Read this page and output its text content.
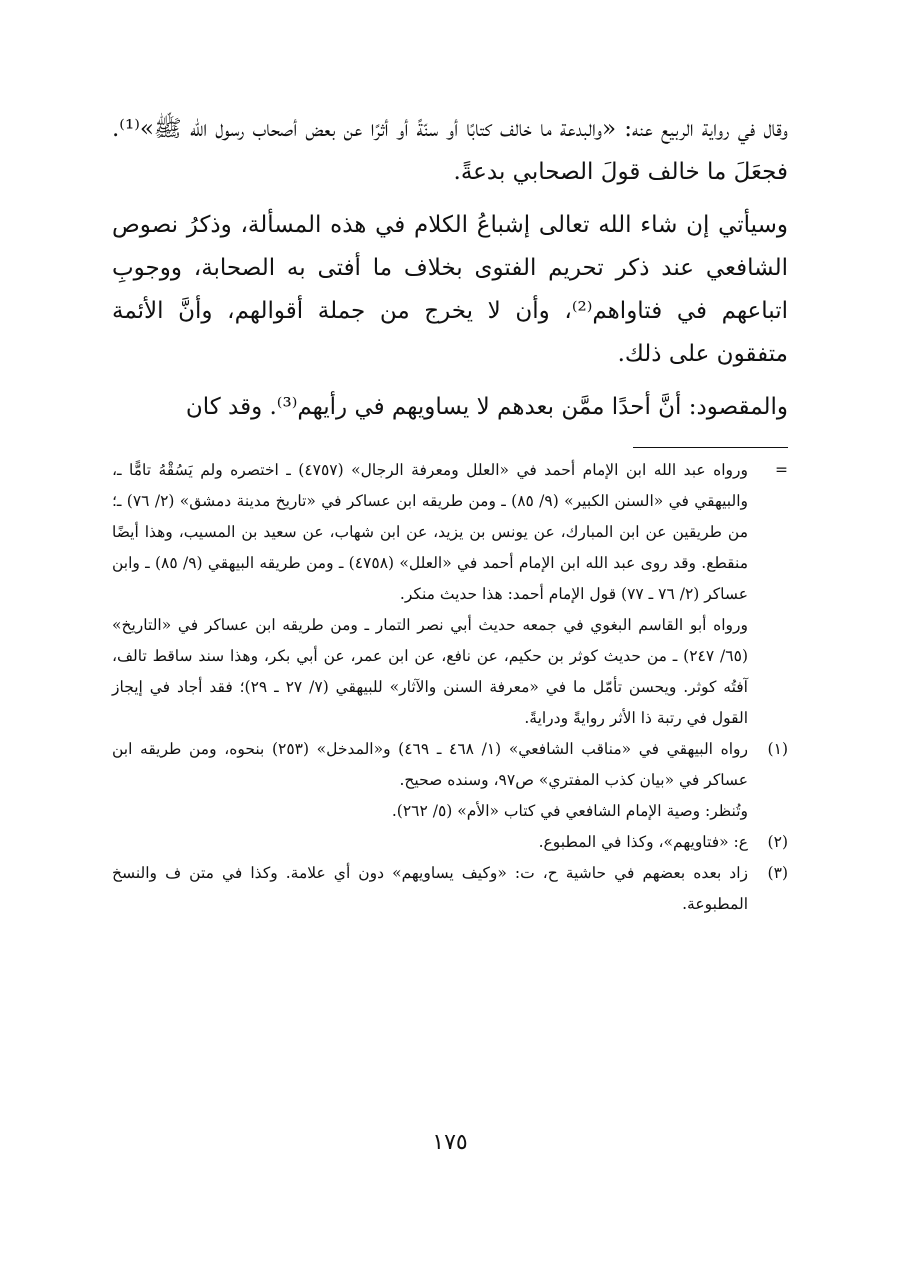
وقال في رواية الربيع عنه: «والبدعة ما خالف كتابًا أو سنّةً أو أثرًا عن بعض أصحاب رسول الله ﷺ»⁽¹⁾. فجعَلَ ما خالف قولَ الصحابي بدعةً.

وسيأتي إن شاء الله تعالى إشباعُ الكلام في هذه المسألة، وذكرُ نصوص الشافعي عند ذكر تحريم الفتوى بخلاف ما أفتى به الصحابة، ووجوبِ اتباعهم في فتاواهم⁽²⁾، وأن لا يخرج من جملة أقوالهم، وأنَّ الأئمة متفقون على ذلك.

والمقصود: أنَّ أحدًا ممَّن بعدهم لا يساويهم في رأيهم⁽³⁾. وقد كان

=

ورواه عبد الله ابن الإمام أحمد في «العلل ومعرفة الرجال» (٤٧٥٧) ـ اختصره ولم يَسُقْهُ تامًّا ـ، والبيهقي في «السنن الكبير» (٩/ ٨٥) ـ ومن طريقه ابن عساكر في «تاريخ مدينة دمشق» (٢/ ٧٦) ـ؛ من طريقين عن ابن المبارك، عن يونس بن يزيد، عن ابن شهاب، عن سعيد بن المسيب، وهذا أيضًا منقطع. وقد روى عبد الله ابن الإمام أحمد في «العلل» (٤٧٥٨) ـ ومن طريقه البيهقي (٩/ ٨٥) ـ وابن عساكر (٢/ ٧٦ ـ ٧٧) قول الإمام أحمد: هذا حديث منكر.

ورواه أبو القاسم البغوي في جمعه حديث أبي نصر التمار ـ ومن طريقه ابن عساكر في «التاريخ» (٦٥/ ٢٤٧) ـ من حديث كوثر بن حكيم، عن نافع، عن ابن عمر، عن أبي بكر، وهذا سند ساقط تالف، آفتُه كوثر. ويحسن تأمّل ما في «معرفة السنن والآثار» للبيهقي (٧/ ٢٧ ـ ٢٩)؛ فقد أجاد في إيجاز القول في رتبة ذا الأثر روايةً ودرايةً.

(١)

رواه البيهقي في «مناقب الشافعي» (١/ ٤٦٨ ـ ٤٦٩) و«المدخل» (٢٥٣) بنحوه، ومن طريقه ابن عساكر في «بيان كذب المفتري» ص٩٧، وسنده صحيح.

وتُنظر: وصية الإمام الشافعي في كتاب «الأم» (٥/ ٢٦٢).

(٢)

ع: «فتاويهم»، وكذا في المطبوع.

(٣)

زاد بعده بعضهم في حاشية ح، ت: «وكيف يساويهم» دون أي علامة. وكذا في متن ف والنسخ المطبوعة.

١٧٥
